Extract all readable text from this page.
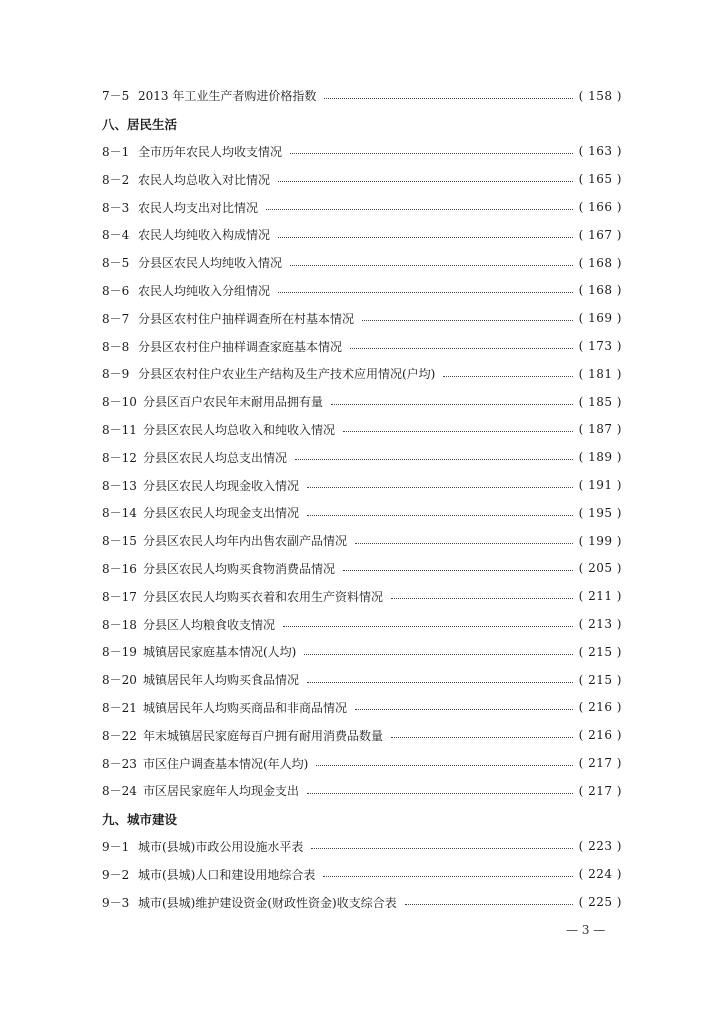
7－5 2013 年工业生产者购进价格指数	( 158 )
八、居民生活
8－1 全市历年农民人均收支情况	( 163 )
8－2 农民人均总收入对比情况	( 165 )
8－3 农民人均支出对比情况	( 166 )
8－4 农民人均纯收入构成情况	( 167 )
8－5 分县区农民人均纯收入情况	( 168 )
8－6 农民人均纯收入分组情况	( 168 )
8－7 分县区农村住户抽样调查所在村基本情况	( 169 )
8－8 分县区农村住户抽样调查家庭基本情况	( 173 )
8－9 分县区农村住户农业生产结构及生产技术应用情况(户均)	( 181 )
8－10 分县区百户农民年末耐用品拥有量	( 185 )
8－11 分县区农民人均总收入和纯收入情况	( 187 )
8－12 分县区农民人均总支出情况	( 189 )
8－13 分县区农民人均现金收入情况	( 191 )
8－14 分县区农民人均现金支出情况	( 195 )
8－15 分县区农民人均年内出售农副产品情况	( 199 )
8－16 分县区农民人均购买食物消费品情况	( 205 )
8－17 分县区农民人均购买衣着和农用生产资料情况	( 211 )
8－18 分县区人均粮食收支情况	( 213 )
8－19 城镇居民家庭基本情况(人均)	( 215 )
8－20 城镇居民年人均购买食品情况	( 215 )
8－21 城镇居民年人均购买商品和非商品情况	( 216 )
8－22 年末城镇居民家庭每百户拥有耐用消费品数量	( 216 )
8－23 市区住户调查基本情况(年人均)	( 217 )
8－24 市区居民家庭年人均现金支出	( 217 )
九、城市建设
9－1 城市(县城)市政公用设施水平表	( 223 )
9－2 城市(县城)人口和建设用地综合表	( 224 )
9－3 城市(县城)维护建设资金(财政性资金)收支综合表	( 225 )
— 3 —
